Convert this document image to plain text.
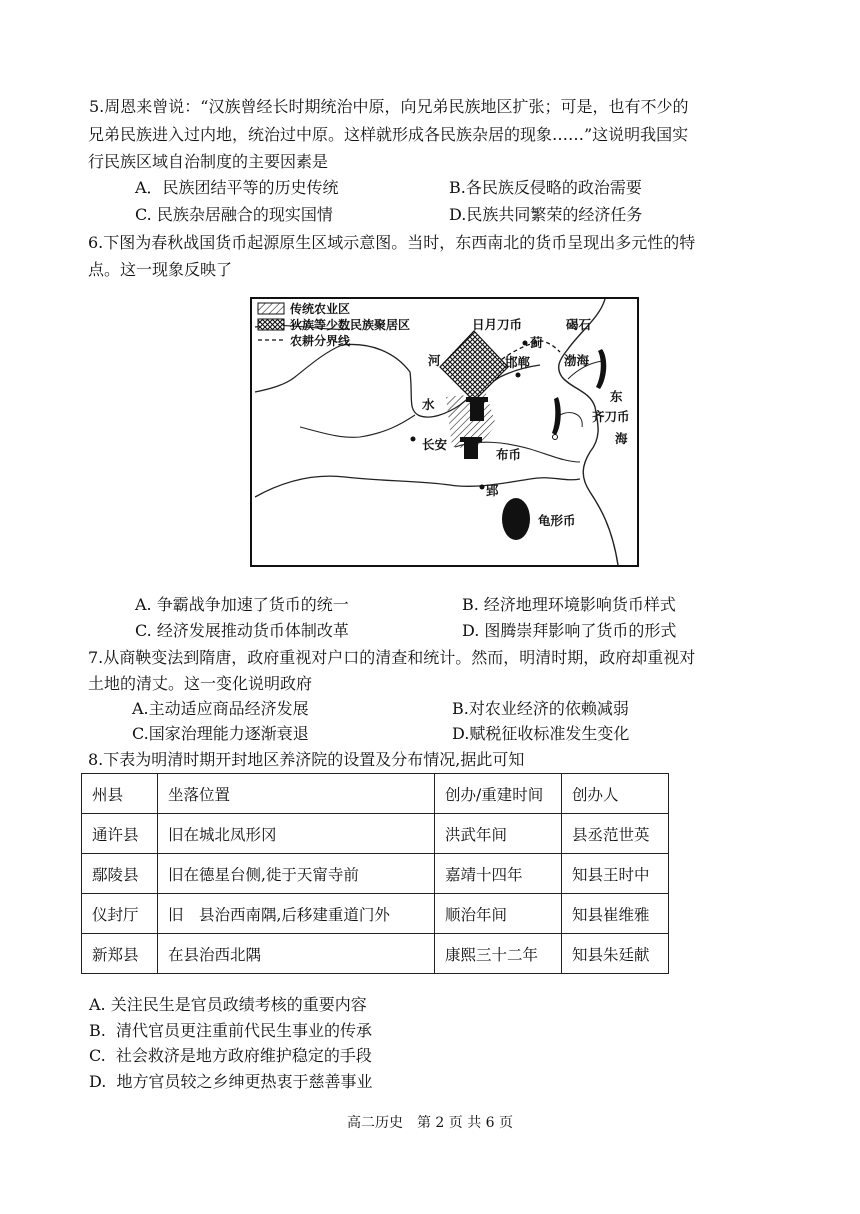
5.周恩来曾说：“汉族曾经长时期统治中原，向兄弟民族地区扩张；可是，也有不少的
兄弟民族进入过内地，统治过中原。这样就形成各民族杂居的现象……”这说明我国实
行民族区域自治制度的主要因素是
A．民族团结平等的历史传统	B.各民族反侵略的政治需要
C. 民族杂居融合的现实国情	D.民族共同繁荣的经济任务
6.下图为春秋战国货币起源原生区域示意图。当时，东西南北的货币呈现出多元性的特
点。这一现象反映了
传统农业区
狄族等少数民族聚居区
农耕分界线
日月刀币	碣石
蓟
邯郸	渤海
河
水
东
齐刀币
海
长安
布币
郢
龟形币
A. 争霸战争加速了货币的统一	B. 经济地理环境影响货币样式
C. 经济发展推动货币体制改革	D. 图腾崇拜影响了货币的形式
7.从商鞅变法到隋唐，政府重视对户口的清查和统计。然而，明清时期，政府却重视对
土地的清丈。这一变化说明政府
A.主动适应商品经济发展	B.对农业经济的依赖减弱
C.国家治理能力逐渐衰退	D.赋税征收标准发生变化
8.下表为明清时期开封地区养济院的设置及分布情况,据此可知
州县	坐落位置	创办/重建时间	创办人
通许县	旧在城北凤形冈	洪武年间	县丞范世英
鄢陵县	旧在德星台侧,徙于天甯寺前	嘉靖十四年	知县王时中
仪封厅	旧　县治西南隅,后移建重道门外	顺治年间	知县崔维雅
新郑县	在县治西北隅	康熙三十二年	知县朱廷献
A. 关注民生是官员政绩考核的重要内容
B.  清代官员更注重前代民生事业的传承
C.  社会救济是地方政府维护稳定的手段
D.  地方官员较之乡绅更热衷于慈善事业
高二历史　第 2 页 共 6 页
